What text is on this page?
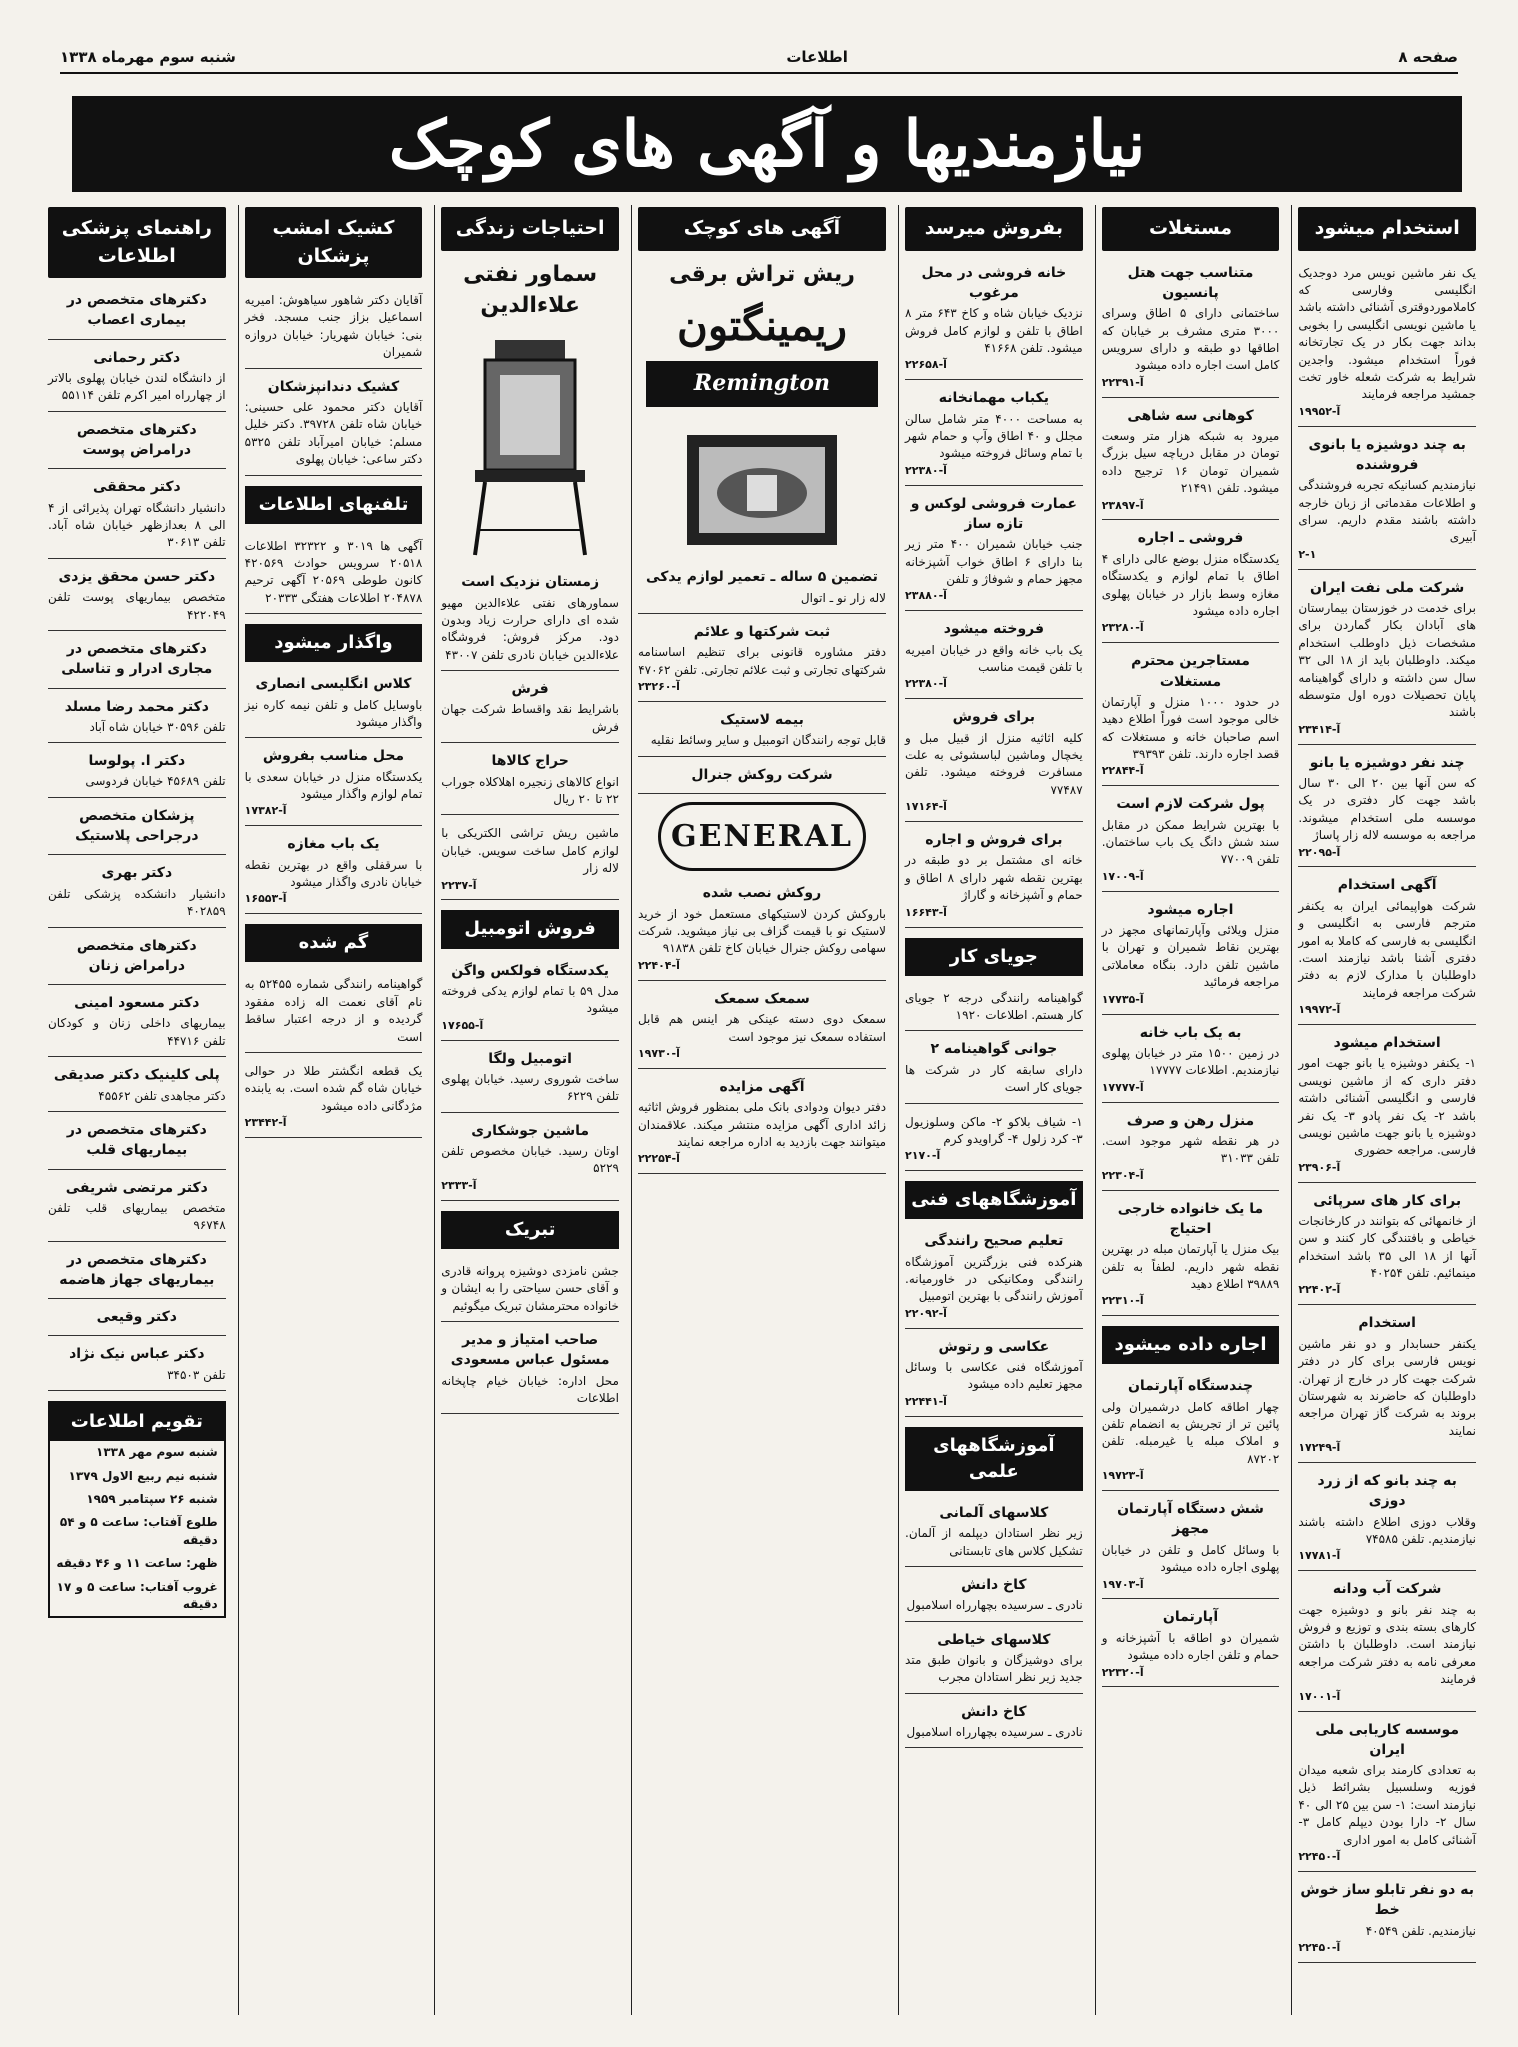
صفحه ۸
اطلاعات
شنبه سوم مهرماه ۱۳۳۸
نیازمندیها و آگهی های کوچک
استخدام میشود
یک نفر ماشین نویس مرد دوجدیک انگلیسی وفارسی که کاملاموردوقتری آشنائی داشته باشد یا ماشین نویسی انگلیسی را بخوبی بداند جهت بکار در یک تجارتخانه فوراً استخدام میشود. واجدین شرایط به شرکت شعله خاور تخت جمشید مراجعه فرمایند
آ-۱۹۹۵۲
به چند دوشیزه یا بانوی فروشنده
نیازمندیم کسانیکه تجربه فروشندگی و اطلاعات مقدماتی از زبان خارجه داشته باشند مقدم داریم. سرای آبیری
۲-۱
شرکت ملی نفت ایران
برای خدمت در خوزستان بیمارستان های آبادان بکار گماردن برای مشخصات ذیل داوطلب استخدام میکند. داوطلبان باید از ۱۸ الی ۳۲ سال سن داشته و دارای گواهینامه پایان تحصیلات دوره اول متوسطه باشند
آ-۲۳۴۱۴
چند نفر دوشیزه یا بانو
که سن آنها بین ۲۰ الی ۳۰ سال باشد جهت کار دفتری در یک موسسه ملی استخدام میشوند. مراجعه به موسسه لاله زار پاساژ
آ-۲۲۰۹۵
آگهی استخدام
شرکت هواپیمائی ایران به یکنفر مترجم فارسی به انگلیسی و انگلیسی به فارسی که کاملا به امور دفتری آشنا باشد نیازمند است. داوطلبان با مدارک لازم به دفتر شرکت مراجعه فرمایند
آ-۱۹۹۷۲
استخدام میشود
۱- یکنفر دوشیزه یا بانو جهت امور دفتر داری که از ماشین نویسی فارسی و انگلیسی آشنائی داشته باشد ۲- یک نفر پادو ۳- یک نفر دوشیزه یا بانو جهت ماشین نویسی فارسی. مراجعه حضوری
آ-۲۳۹۰۶
برای کار های سرپائی
از خانمهائی که بتوانند در کارخانجات خیاطی و بافتندگی کار کنند و سن آنها از ۱۸ الی ۳۵ باشد استخدام مینمائیم. تلفن ۴۰۲۵۴
آ-۲۲۴۰۲
استخدام
یکنفر حسابدار و دو نفر ماشین نویس فارسی برای کار در دفتر شرکت جهت کار در خارج از تهران. داوطلبان که حاضرند به شهرستان بروند به شرکت گاز تهران مراجعه نمایند
آ-۱۷۲۴۹
به چند بانو که از زرد دوزی
وقلاب دوزی اطلاع داشته باشند نیازمندیم. تلفن ۷۴۵۸۵
آ-۱۷۷۸۱
شرکت آب ودانه
به چند نفر بانو و دوشیزه جهت کارهای بسته بندی و توزیع و فروش نیازمند است. داوطلبان با داشتن معرفی نامه به دفتر شرکت مراجعه فرمایند
آ-۱۷۰۰۱
موسسه کاریابی ملی ایران
به تعدادی کارمند برای شعبه میدان فوزیه وسلسبیل بشرائط ذیل نیازمند است: ۱- سن بین ۲۵ الی ۴۰ سال ۲- دارا بودن دیپلم کامل ۳- آشنائی کامل به امور اداری
آ-۲۲۴۵۰
به دو نفر تابلو ساز خوش خط
نیازمندیم. تلفن ۴۰۵۴۹
آ-۲۲۴۵۰
مستغلات
متناسب جهت هتل پانسیون
ساختمانی دارای ۵ اطاق وسرای ۳۰۰۰ متری مشرف بر خیابان که اطاقها دو طبقه و دارای سرویس کامل است اجاره داده میشود
آ-۲۲۳۹۱
کوهانی سه شاهی
میرود به شبکه هزار متر وسعت تومان در مقابل دریاچه سیل بزرگ شمیران تومان ۱۶ ترجیح داده میشود. تلفن ۲۱۴۹۱
آ-۲۳۸۹۷
فروشی ـ اجاره
یکدستگاه منزل بوضع عالی دارای ۴ اطاق با تمام لوازم و یکدستگاه مغازه وسط بازار در خیابان پهلوی اجاره داده میشود
آ-۲۳۲۸۰
مستاجرین محترم مستغلات
در حدود ۱۰۰۰ منزل و آپارتمان خالی موجود است فوراً اطلاع دهید اسم صاحبان خانه و مستغلات که قصد اجاره دارند. تلفن ۳۹۳۹۳
آ-۲۲۸۴۴
پول شرکت لازم است
با بهترین شرایط ممکن در مقابل سند شش دانگ یک باب ساختمان. تلفن ۷۷۰۰۹
آ-۱۷۰۰۹
اجاره میشود
منزل ویلائی وآپارتمانهای مجهز در بهترین نقاط شمیران و تهران با ماشین تلفن دارد. بنگاه معاملاتی مراجعه فرمائید
آ-۱۷۷۳۵
به یک باب خانه
در زمین ۱۵۰۰ متر در خیابان پهلوی نیازمندیم. اطلاعات ۱۷۷۷۷
آ-۱۷۷۷۷
منزل رهن و صرف
در هر نقطه شهر موجود است. تلفن ۳۱۰۳۳
آ-۲۲۳۰۴
ما یک خانواده خارجی احتیاج
بیک منزل یا آپارتمان مبله در بهترین نقطه شهر داریم. لطفاً به تلفن ۳۹۸۸۹ اطلاع دهید
آ-۲۲۳۱۰
اجاره داده میشود
چندستگاه آپارتمان
چهار اطاقه کامل درشمیران ولی پائین تر از تجریش به انضمام تلفن و املاک مبله یا غیرمبله. تلفن ۸۷۲۰۲
آ-۱۹۷۲۳
شش دستگاه آپارتمان مجهز
با وسائل کامل و تلفن در خیابان پهلوی اجاره داده میشود
آ-۱۹۷۰۳
آپارتمان
شمیران دو اطاقه با آشپزخانه و حمام و تلفن اجاره داده میشود
آ-۲۲۳۲۰
بفروش میرسد
خانه فروشی در محل مرغوب
نزدیک خیابان شاه و کاخ ۶۴۳ متر ۸ اطاق با تلفن و لوازم کامل فروش میشود. تلفن ۴۱۶۶۸
آ-۲۲۶۵۸
یکباب مهمانخانه
به مساحت ۴۰۰۰ متر شامل سالن مجلل و ۴۰ اطاق وآپ و حمام شهر با تمام وسائل فروخته میشود
آ-۲۲۳۸۰
عمارت فروشی لوکس و تازه ساز
جنب خیابان شمیران ۴۰۰ متر زیر بنا دارای ۶ اطاق خواب آشپزخانه مجهز حمام و شوفاژ و تلفن
آ-۲۳۸۸۰
فروخته میشود
یک باب خانه واقع در خیابان امیریه با تلفن قیمت مناسب
آ-۲۲۳۸۰
برای فروش
کلیه اثاثیه منزل از قبیل مبل و یخچال وماشین لباسشوئی به علت مسافرت فروخته میشود. تلفن ۷۷۴۸۷
آ-۱۷۱۶۴
برای فروش و اجاره
خانه ای مشتمل بر دو طبقه در بهترین نقطه شهر دارای ۸ اطاق و حمام و آشپزخانه و گاراژ
آ-۱۶۶۴۳
جویای کار
گواهینامه رانندگی درجه ۲ جویای کار هستم. اطلاعات ۱۹۲۰
جوانی گواهینامه ۲
دارای سابقه کار در شرکت ها جویای کار است
۱- شیاف بلاکو ۲- ماکن وسلوزیول ۳- کرد زلول ۴- گراویدو کرم
آ-۲۱۷۰
آموزشگاههای فنی
تعلیم صحیح رانندگی
هنرکده فنی بزرگترین آموزشگاه رانندگی ومکانیکی در خاورمیانه. آموزش رانندگی با بهترین اتومبیل
آ-۲۲۰۹۲
عکاسی و رتوش
آموزشگاه فنی عکاسی با وسائل مجهز تعلیم داده میشود
آ-۲۲۴۴۱
آموزشگاههای علمی
کلاسهای آلمانی
زیر نظر استادان دیپلمه از آلمان. تشکیل کلاس های تابستانی
کاخ دانش
نادری ـ سرسیده بچهارراه اسلامبول
کلاسهای خیاطی
برای دوشیزگان و بانوان طبق متد جدید زیر نظر استادان مجرب
کاخ دانش
نادری ـ سرسیده بچهارراه اسلامبول
آگهی های کوچک
ریش تراش برقی
ریمینگتون
Remington
تضمین ۵ ساله ـ تعمیر لوازم یدکی
لاله زار نو ـ اتوال
ثبت شرکتها و علائم
دفتر مشاوره قانونی برای تنظیم اساسنامه شرکتهای تجارتی و ثبت علائم تجارتی. تلفن ۴۷۰۶۲
آ-۲۳۲۶۰
بیمه لاستیک
قابل توجه رانندگان اتومبیل و سایر وسائط نقلیه
شرکت روکش جنرال
GENERAL
روکش نصب شده
باروکش کردن لاستیکهای مستعمل خود از خرید لاستیک نو با قیمت گزاف بی نیاز میشوید. شرکت سهامی روکش جنرال خیابان کاخ تلفن ۹۱۸۳۸
آ-۲۲۴۰۴
سمعک سمعک
سمعک دوی دسته عینکی هر اینس هم قابل استفاده سمعک نیز موجود است
آ-۱۹۷۳۰
آگهی مزایده
دفتر دیوان ودوادی بانک ملی بمنظور فروش اثاثیه زائد اداری آگهی مزایده منتشر میکند. علاقمندان میتوانند جهت بازدید به اداره مراجعه نمایند
آ-۲۲۲۵۴
احتیاجات زندگی
سماور نفتی علاءالدین
زمستان نزدیک است
سماورهای نفتی علاءالدین مهیو شده ای دارای حرارت زیاد وبدون دود. مرکز فروش: فروشگاه علاءالدین خیابان نادری تلفن ۴۳۰۰۷
فرش
باشرایط نقد واقساط شرکت جهان فرش
حراج کالاها
انواع کالاهای زنجیره اهلاکلاه جوراب ۲۲ تا ۲۰ ریال
ماشین ریش تراشی الکتریکی با لوازم کامل ساخت سویس. خیابان لاله زار
آ-۲۲۳۷
فروش اتومبیل
یکدستگاه فولکس واگن
مدل ۵۹ با تمام لوازم یدکی فروخته میشود
آ-۱۷۶۵۵
اتومبیل ولگا
ساخت شوروی رسید. خیابان پهلوی تلفن ۶۲۲۹
ماشین جوشکاری
اوتان رسید. خیابان مخصوص تلفن ۵۲۲۹
آ-۲۳۳۳
تبریک
جشن نامزدی دوشیزه پروانه قادری و آقای حسن سیاحتی را به ایشان و خانواده محترمشان تبریک میگوئیم
صاحب امتیاز و مدیر مسئول عباس مسعودی
محل اداره: خیابان خیام چاپخانه اطلاعات
کشیک امشب پزشکان
آقایان دکتر شاهور سیاهوش: امیریه اسماعیل بزاز جنب مسجد. فخر بنی: خیابان شهریار: خیابان دروازه شمیران
کشیک دندانپزشکان
آقایان دکتر محمود علی حسینی: خیابان شاه تلفن ۳۹۷۲۸. دکتر خلیل مسلم: خیابان امیرآباد تلفن ۵۳۲۵ دکتر ساعی: خیابان پهلوی
تلفنهای اطلاعات
آگهی ها ۳۰۱۹ و ۳۲۳۲۲ اطلاعات ۲۰۵۱۸ سرویس حوادث ۴۲۰۵۶۹ کانون طوطی ۲۰۵۶۹ آگهی ترحیم ۲۰۴۸۷۸ اطلاعات هفتگی ۲۰۳۳۳
واگذار میشود
کلاس انگلیسی انصاری
باوسایل کامل و تلفن نیمه کاره نیز واگذار میشود
محل مناسب بفروش
یکدستگاه منزل در خیابان سعدی با تمام لوازم واگذار میشود
آ-۱۷۳۸۲
یک باب مغازه
با سرقفلی واقع در بهترین نقطه خیابان نادری واگذار میشود
آ-۱۶۵۵۳
گم شده
گواهینامه رانندگی شماره ۵۲۴۵۵ به نام آقای نعمت اله زاده مفقود گردیده و از درجه اعتبار ساقط است
یک قطعه انگشتر طلا در حوالی خیابان شاه گم شده است. به یابنده مژدگانی داده میشود
آ-۲۳۴۴۲
راهنمای پزشکی اطلاعات
دکترهای متخصص در بیماری اعصاب
دکتر رحمانی
از دانشگاه لندن خیابان پهلوی بالاتر از چهارراه امیر اکرم تلفن ۵۵۱۱۴
دکترهای متخصص درامراض پوست
دکتر محققی
دانشیار دانشگاه تهران پذیرائی از ۴ الی ۸ بعدازظهر خیابان شاه آباد. تلفن ۳۰۶۱۳
دکتر حسن محقق یزدی
متخصص بیماریهای پوست تلفن ۴۲۲۰۴۹
دکترهای متخصص در مجاری ادرار و تناسلی
دکتر محمد رضا مسلد
تلفن ۳۰۵۹۶ خیابان شاه آباد
دکتر ا. پولوسا
تلفن ۴۵۶۸۹ خیابان فردوسی
پزشکان متخصص درجراحی پلاستیک
دکتر بهری
دانشیار دانشکده پزشکی تلفن ۴۰۲۸۵۹
دکترهای متخصص درامراض زنان
دکتر مسعود امینی
بیماریهای داخلی زنان و کودکان تلفن ۴۴۷۱۶
پلی کلینیک دکتر صدیقی
دکتر مجاهدی تلفن ۴۵۵۶۲
دکترهای متخصص در بیماریهای قلب
دکتر مرتضی شریفی
متخصص بیماریهای قلب تلفن ۹۶۷۴۸
دکترهای متخصص در بیماریهای جهاز هاضمه
دکتر وقیعی
دکتر عباس نیک نژاد
تلفن ۳۴۵۰۳
تقویم اطلاعات
شنبه سوم مهر ۱۳۳۸
شنبه نیم ربیع الاول ۱۳۷۹
شنبه ۲۶ سپتامبر ۱۹۵۹
طلوع آفتاب: ساعت ۵ و ۵۴ دقیقه
ظهر: ساعت ۱۱ و ۴۶ دقیقه
غروب آفتاب: ساعت ۵ و ۱۷ دقیقه
